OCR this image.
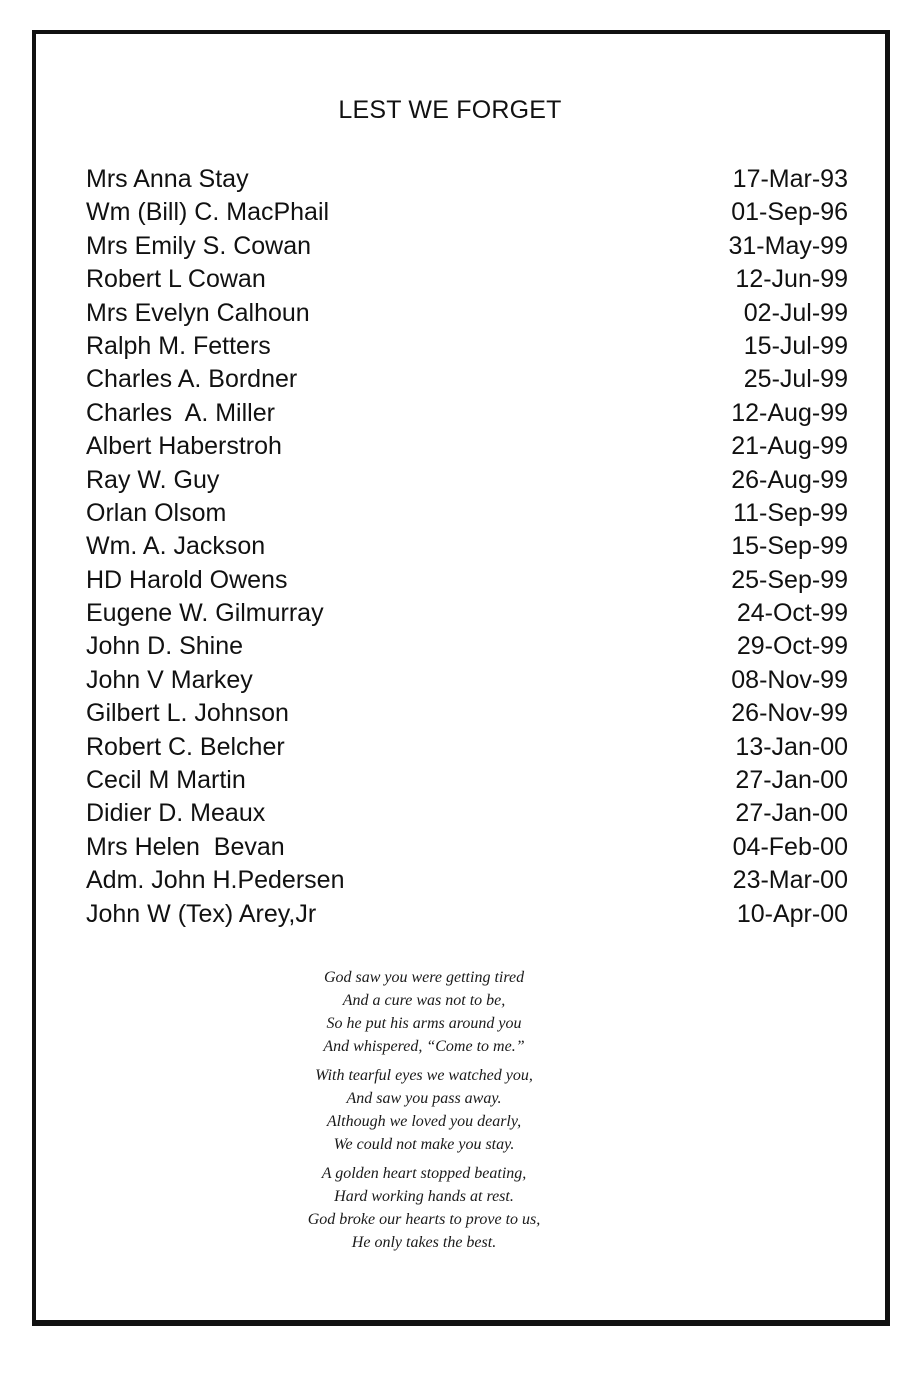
LEST WE FORGET
Mrs Anna Stay	17-Mar-93
Wm (Bill) C. MacPhail	01-Sep-96
Mrs Emily S. Cowan	31-May-99
Robert L Cowan	12-Jun-99
Mrs Evelyn Calhoun	02-Jul-99
Ralph M. Fetters	15-Jul-99
Charles A. Bordner	25-Jul-99
Charles  A. Miller	12-Aug-99
Albert Haberstroh	21-Aug-99
Ray W. Guy	26-Aug-99
Orlan Olsom	11-Sep-99
Wm. A. Jackson	15-Sep-99
HD Harold Owens	25-Sep-99
Eugene W. Gilmurray	24-Oct-99
John D. Shine	29-Oct-99
John V Markey	08-Nov-99
Gilbert L. Johnson	26-Nov-99
Robert C. Belcher	13-Jan-00
Cecil M Martin	27-Jan-00
Didier D. Meaux	27-Jan-00
Mrs Helen  Bevan	04-Feb-00
Adm. John H.Pedersen	23-Mar-00
John W (Tex) Arey,Jr	10-Apr-00
God saw you were getting tired
And a cure was not to be,
So he put his arms around you
And whispered, “Come to me.”
With tearful eyes we watched you,
And saw you pass away.
Although we loved you dearly,
We could not make you stay.
A golden heart stopped beating,
Hard working hands at rest.
God broke our hearts to prove to us,
He only takes the best.
